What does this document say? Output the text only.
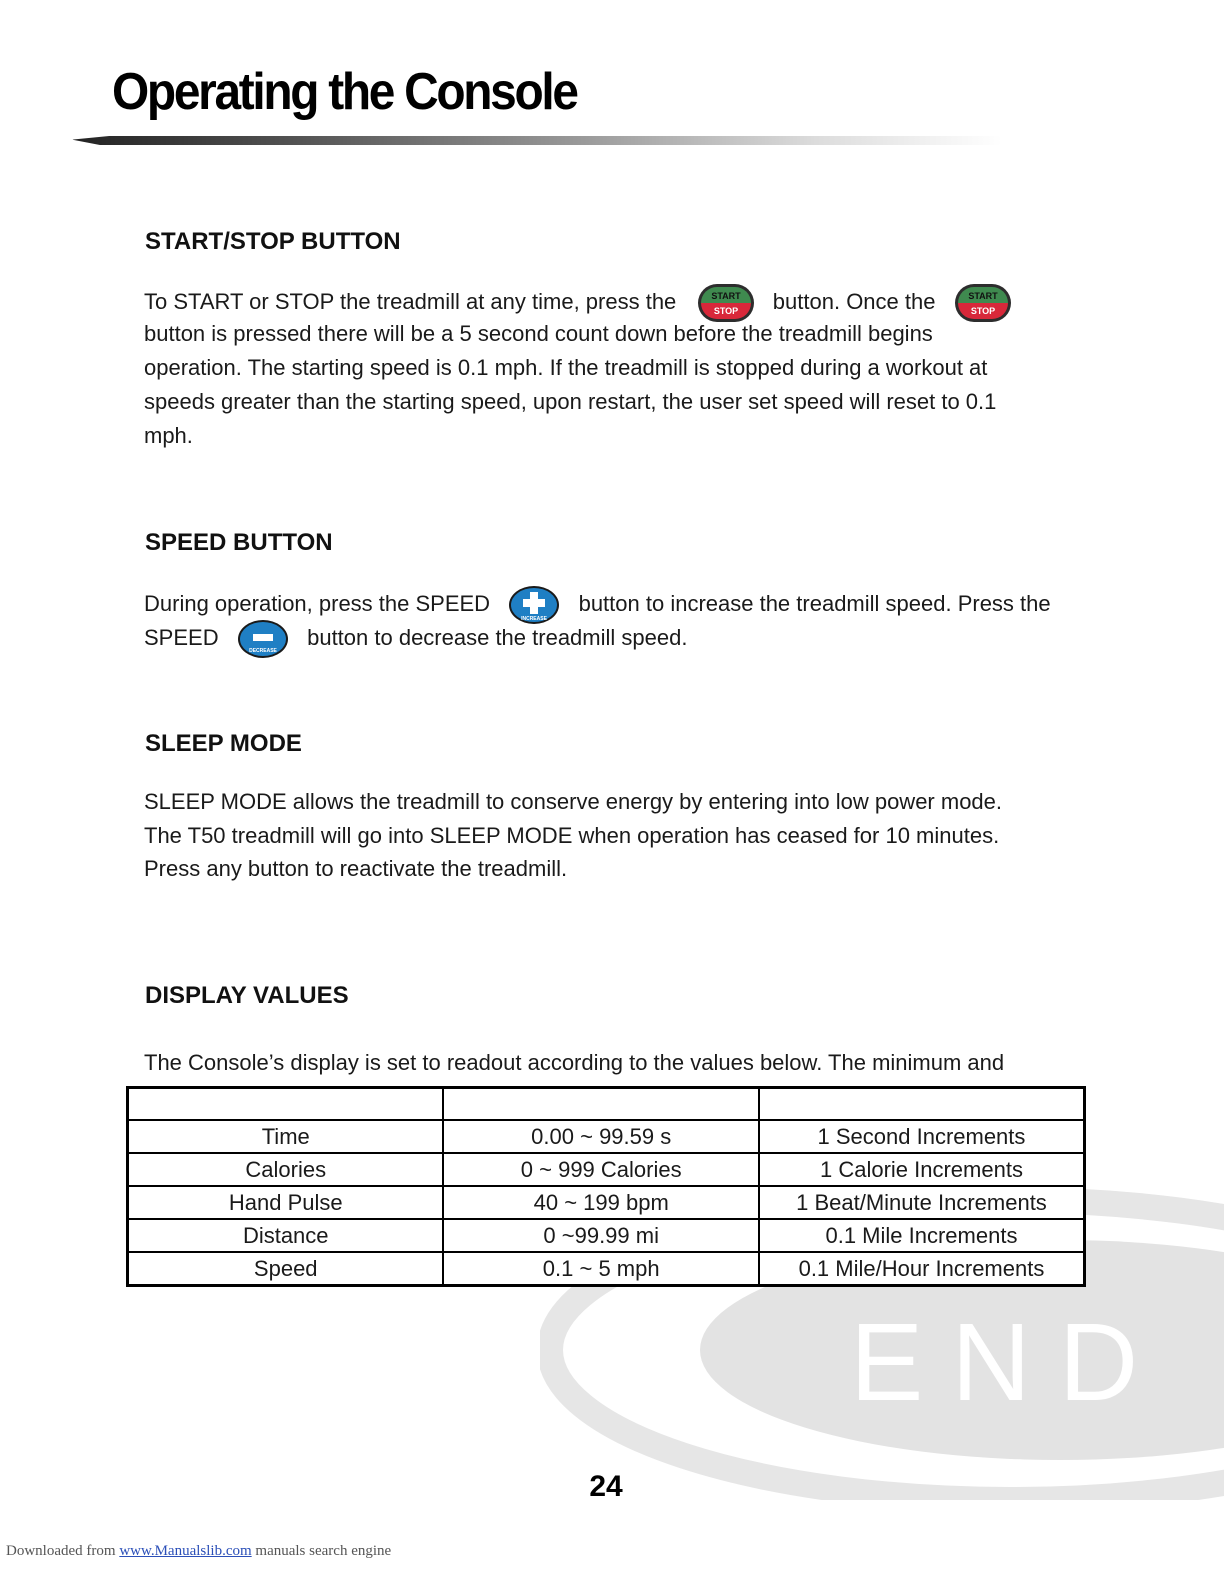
END
Operating the Console
START/STOP BUTTON

To START or STOP the treadmill at any time, press the	START
STOP button. Once the	START
STOP

button is pressed there will be a 5 second count down before the treadmill begins

operation. The starting speed is 0.1 mph. If the treadmill is stopped during a workout at

speeds greater than the starting speed, upon restart, the user set speed will reset to 0.1

mph.

SPEED BUTTON

During operation, press the SPEED
INCREASE
button to increase the treadmill speed. Press the

SPEED
DECREASE
button to decrease the treadmill speed.

SLEEP MODE

SLEEP MODE allows the treadmill to conserve energy by entering into low power mode.

The T50 treadmill will go into SLEEP MODE when operation has ceased for 10 minutes.

Press any button to reactivate the treadmill.

DISPLAY VALUES

The Console’s display is set to readout according to the values below. The minimum and

Time	0.00 ~ 99.59 s	1 Second Increments
Calories	0 ~ 999 Calories	1 Calorie Increments
Hand Pulse	40 ~ 199 bpm	1 Beat/Minute Increments
Distance	0 ~99.99 mi	0.1 Mile Increments
Speed	0.1 ~ 5 mph	0.1 Mile/Hour Increments
24
Downloaded from www.Manualslib.com manuals search engine
